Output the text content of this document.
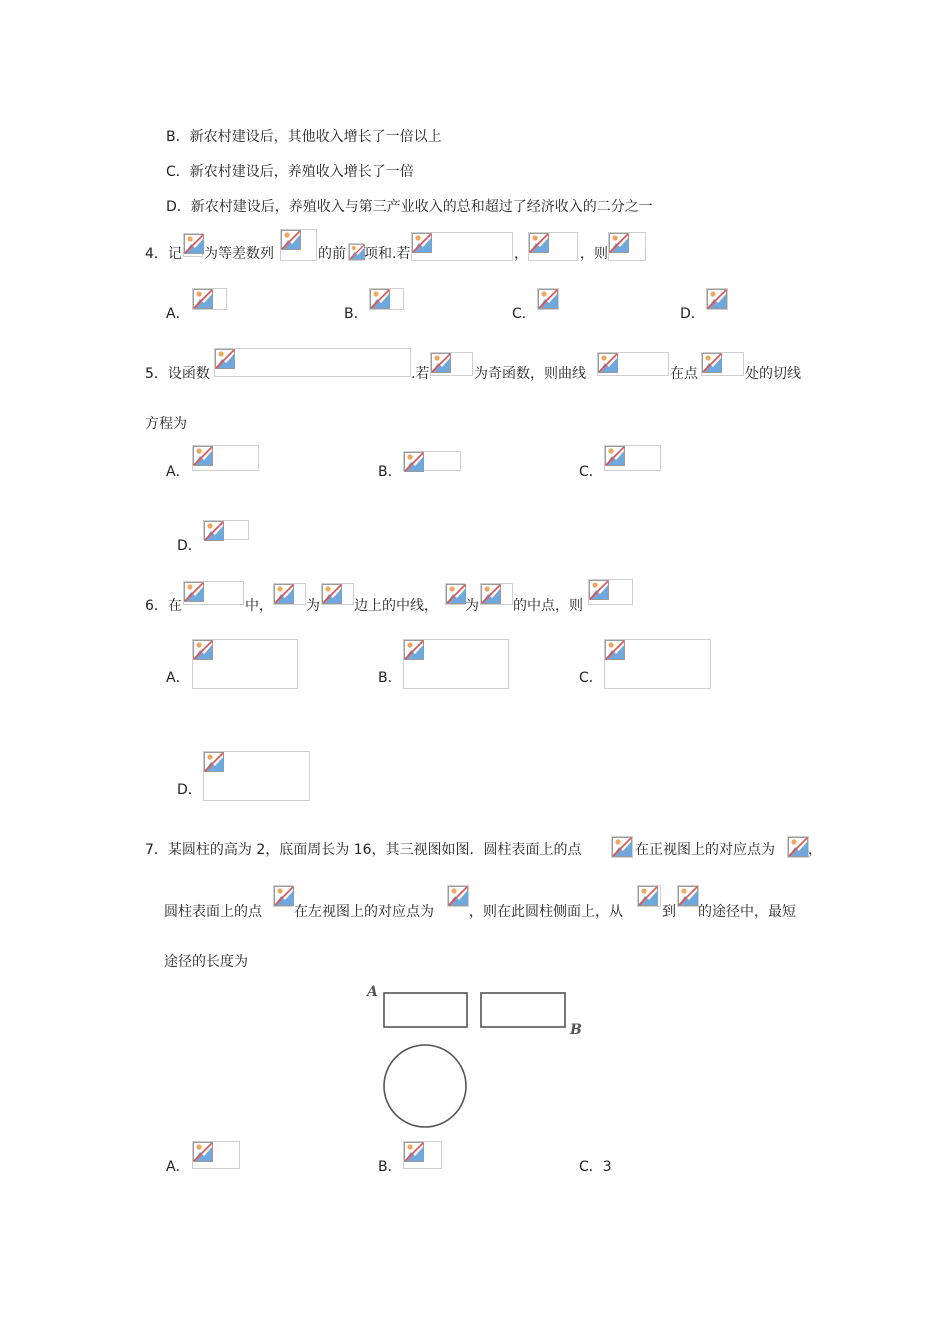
B．新农村建设后，其他收入增长了一倍以上
C．新农村建设后，养殖收入增长了一倍
D．新农村建设后，养殖收入与第三产业收入的总和超过了经济收入的二分之一
4．记 为等差数列	的前 项和.若	，	，则
A．	B．	C．	D．
5．设函数	.若	为奇函数，则曲线	在点	处的切线
方程为
A．	B．	C．
D．
6．在	中， 为 边上的中线， 为 的中点，则
A．	B．	C．
D．
7．某圆柱的高为 2，底面周长为 16，其三视图如图．圆柱表面上的点	在正视图上的对应点为 ，
圆柱表面上的点 在左视图上的对应点为	，则在此圆柱侧面上，从	到 的途径中，最短
途径的长度为
A
B
A．	B．	C．3
